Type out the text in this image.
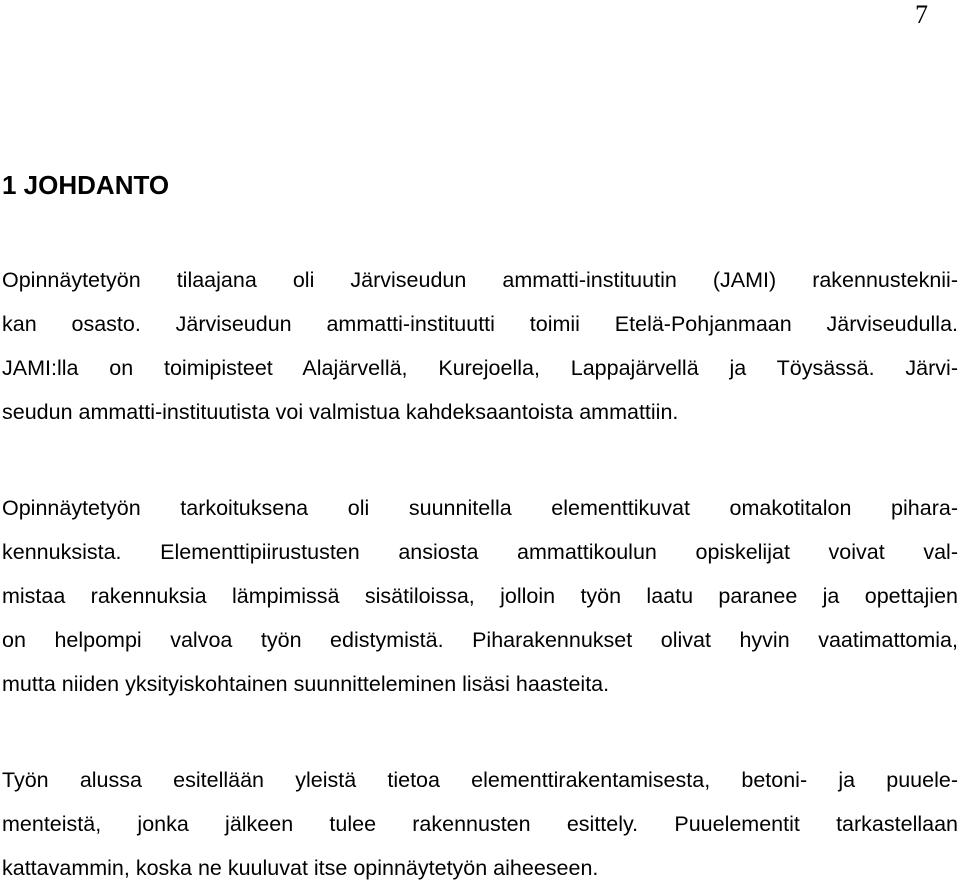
7
1 JOHDANTO
Opinnäytetyön tilaajana oli Järviseudun ammatti-instituutin (JAMI) rakennusteknii-
kan osasto. Järviseudun ammatti-instituutti toimii Etelä-Pohjanmaan Järviseudulla.
JAMI:lla on toimipisteet Alajärvellä, Kurejoella, Lappajärvellä ja Töysässä. Järvi-
seudun ammatti-instituutista voi valmistua kahdeksaantoista ammattiin.
Opinnäytetyön tarkoituksena oli suunnitella elementtikuvat omakotitalon pihara-
kennuksista. Elementtipiirustusten ansiosta ammattikoulun opiskelijat voivat val-
mistaa rakennuksia lämpimissä sisätiloissa, jolloin työn laatu paranee ja opettajien
on helpompi valvoa työn edistymistä. Piharakennukset olivat hyvin vaatimattomia,
mutta niiden yksityiskohtainen suunnitteleminen lisäsi haasteita.
Työn alussa esitellään yleistä tietoa elementtirakentamisesta, betoni- ja puuele-
menteistä, jonka jälkeen tulee rakennusten esittely. Puuelementit tarkastellaan
kattavammin, koska ne kuuluvat itse opinnäytetyön aiheeseen.
